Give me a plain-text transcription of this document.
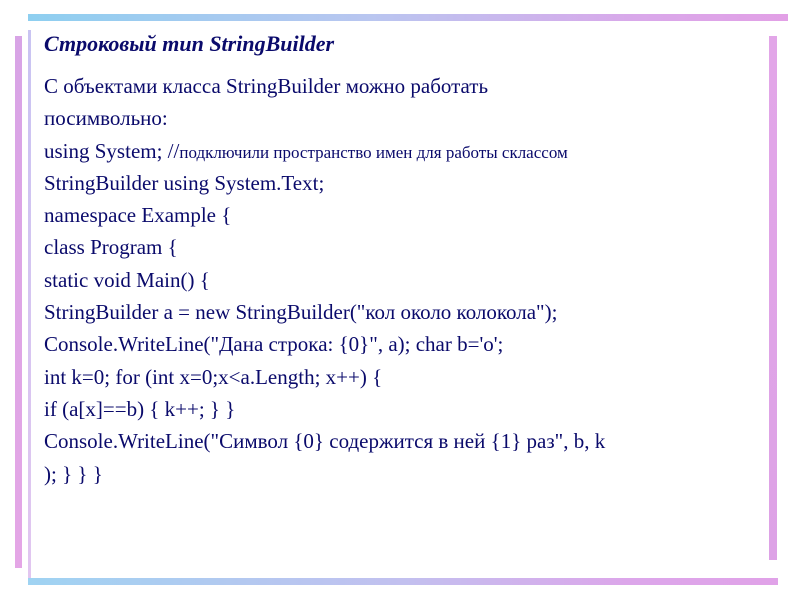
Строковый тип StringBuilder
С объектами класса StringBuilder можно работать
посимвольно:
using System; //подключили пространство имен для работы склассом
StringBuilder using System.Text;
namespace Example {
class Program {
static void Main() {
StringBuilder a = new StringBuilder("кол около колокола");
Console.WriteLine("Дана строка: {0}", a); char b='o';
int k=0; for (int x=0;x<a.Length; x++) {
if (a[x]==b) { k++; } }
Console.WriteLine("Символ {0} содержится в ней {1} раз", b, k
); } } }
